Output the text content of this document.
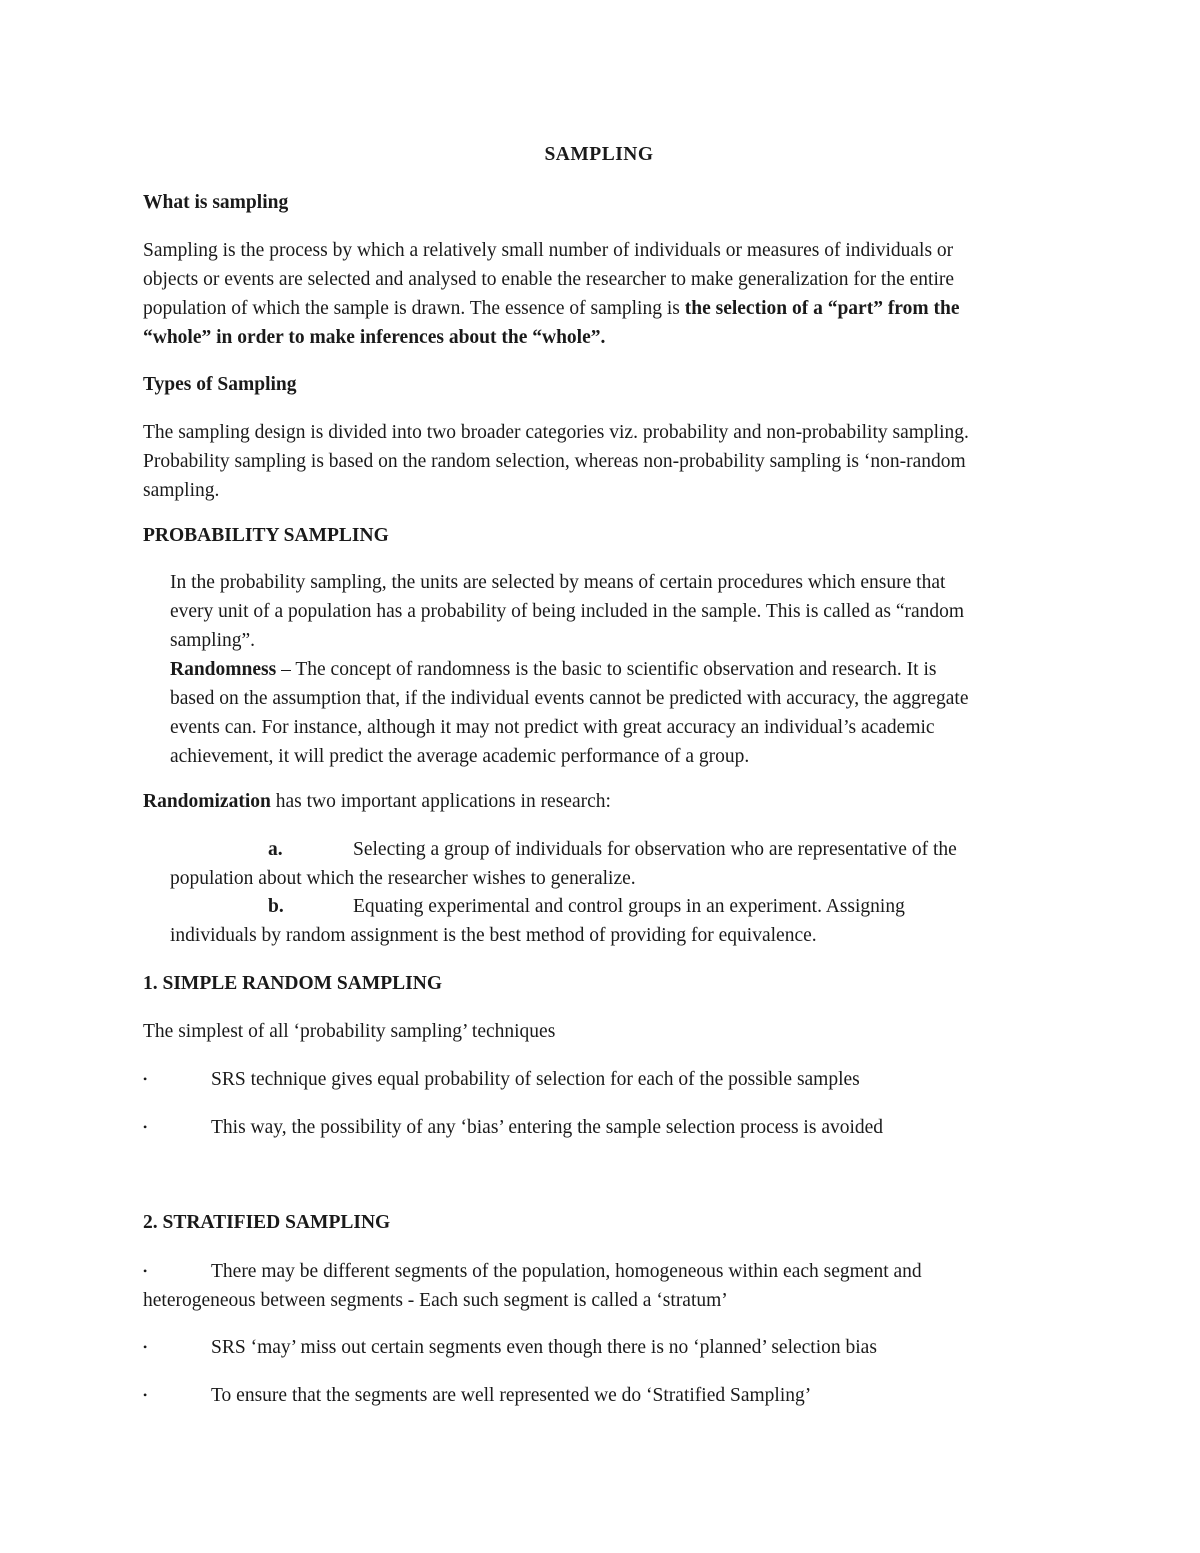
SAMPLING
What is sampling
Sampling is the process by which a relatively small number of individuals or measures of individuals or
objects or events are selected and analysed to enable the researcher to make generalization for the entire
population of which the sample is drawn. The essence of sampling is the selection of a “part” from the
“whole” in order to make inferences about the “whole”.
Types of Sampling
The sampling design is divided into two broader categories viz. probability and non-probability sampling.
Probability sampling is based on the random selection, whereas non-probability sampling is ‘non-random
sampling.
PROBABILITY SAMPLING
In the probability sampling, the units are selected by means of certain procedures which ensure that
every unit of a population has a probability of being included in the sample. This is called as “random
sampling”.
Randomness – The concept of randomness is the basic to scientific observation and research. It is
based on the assumption that, if the individual events cannot be predicted with accuracy, the aggregate
events can. For instance, although it may not predict with great accuracy an individual’s academic
achievement, it will predict the average academic performance of a group.
Randomization has two important applications in research:
a.	Selecting a group of individuals for observation who are representative of the
population about which the researcher wishes to generalize.
b.	Equating experimental and control groups in an experiment. Assigning
individuals by random assignment is the best method of providing for equivalence.
1. SIMPLE RANDOM SAMPLING
The simplest of all ‘probability sampling’ techniques
•	SRS technique gives equal probability of selection for each of the possible samples
•	This way, the possibility of any ‘bias’ entering the sample selection process is avoided
2. STRATIFIED SAMPLING
•	There may be different segments of the population, homogeneous within each segment and
heterogeneous between segments - Each such segment is called a ‘stratum’
•	SRS ‘may’ miss out certain segments even though there is no ‘planned’ selection bias
•	To ensure that the segments are well represented we do ‘Stratified Sampling’
